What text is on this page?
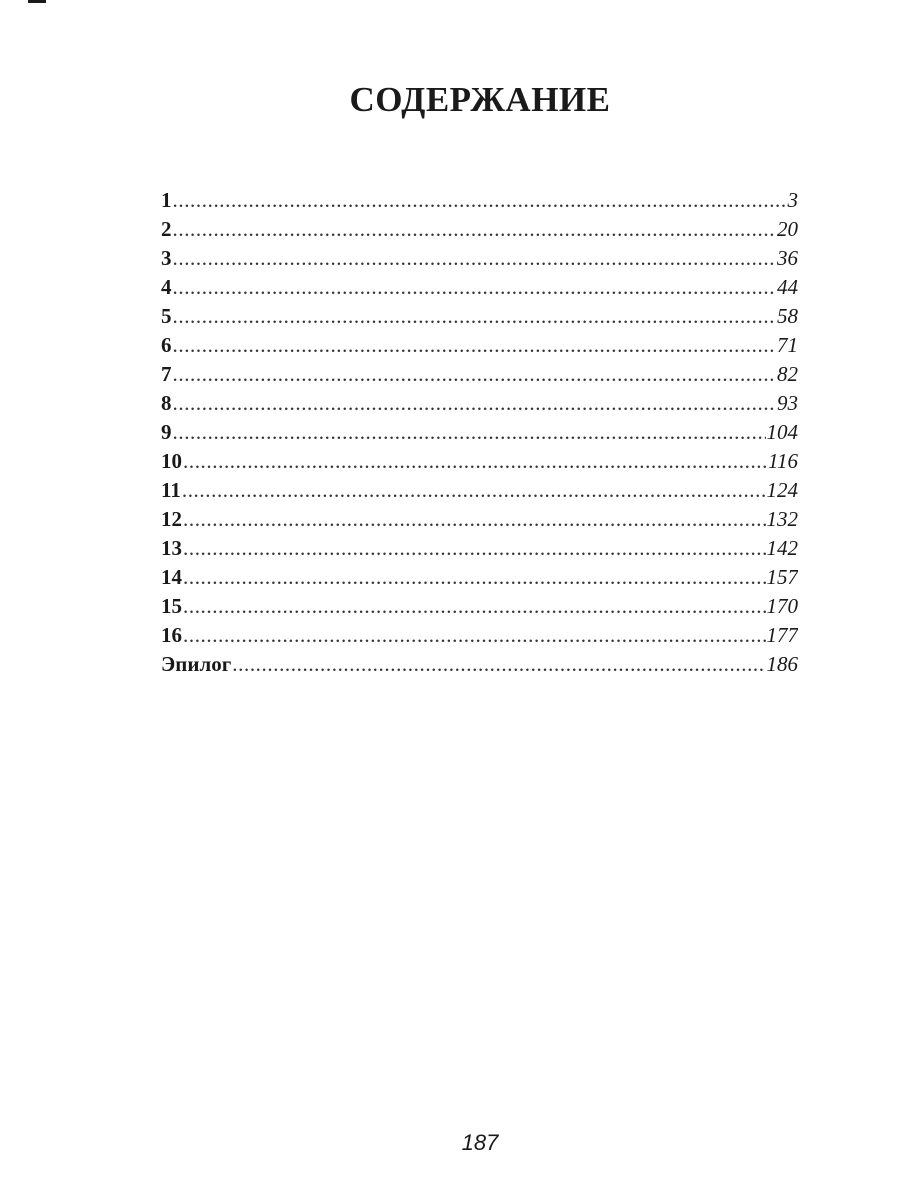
СОДЕРЖАНИЕ
1 .....	3
2 .....	20
3 .....	36
4 .....	44
5 .....	58
6 .....	71
7 .....	82
8 .....	93
9 .....	104
10 .....	116
11 .....	124
12 .....	132
13 .....	142
14 .....	157
15 .....	170
16 .....	177
Эпилог .....	186

187
